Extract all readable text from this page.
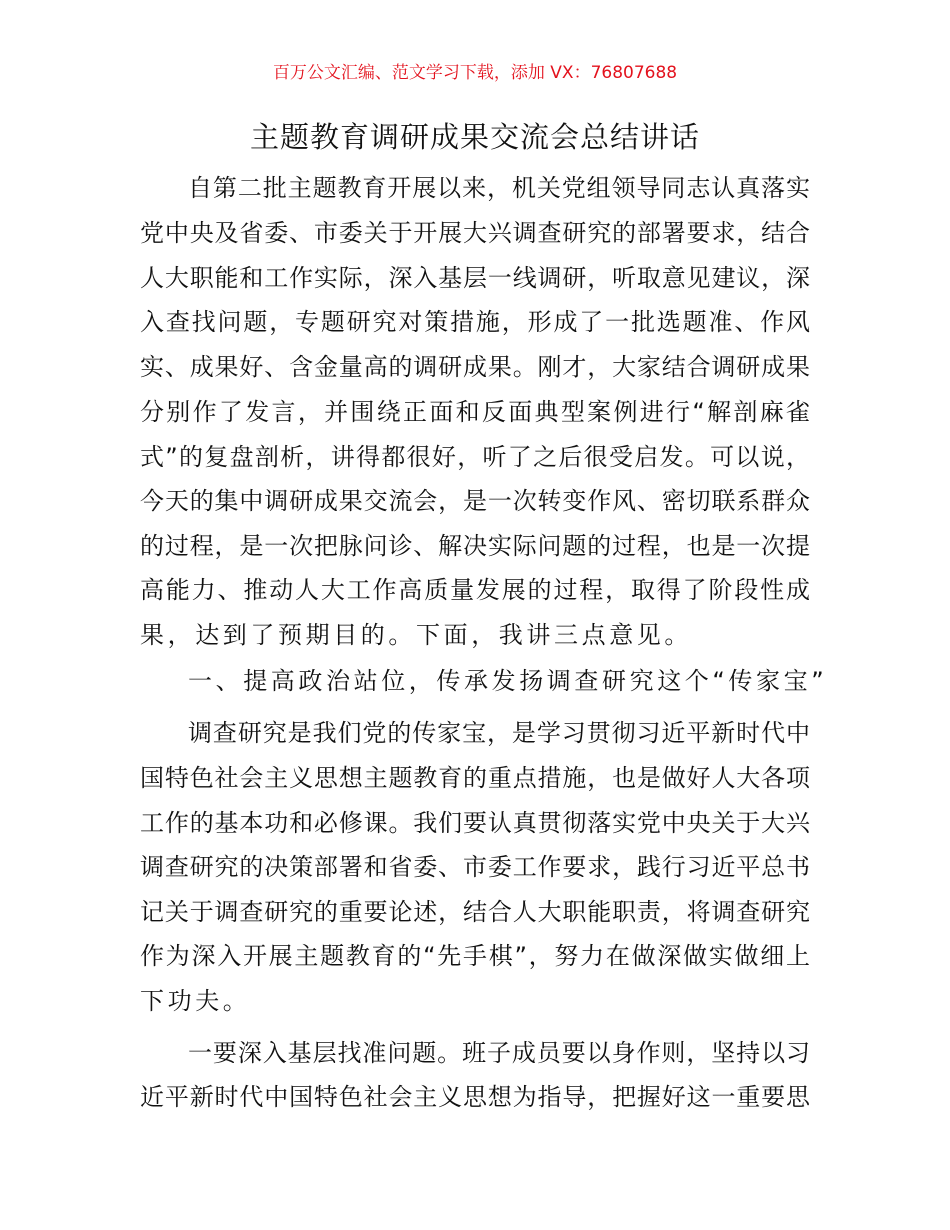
百万公文汇编、范文学习下载，添加 VX：76807688
主题教育调研成果交流会总结讲话
自第二批主题教育开展以来，机关党组领导同志认真落实
党中央及省委、市委关于开展大兴调查研究的部署要求，结合
人大职能和工作实际，深入基层一线调研，听取意见建议，深
入查找问题，专题研究对策措施，形成了一批选题准、作风
实、成果好、含金量高的调研成果。刚才，大家结合调研成果
分别作了发言，并围绕正面和反面典型案例进行“解剖麻雀
式”的复盘剖析，讲得都很好，听了之后很受启发。可以说，
今天的集中调研成果交流会，是一次转变作风、密切联系群众
的过程，是一次把脉问诊、解决实际问题的过程，也是一次提
高能力、推动人大工作高质量发展的过程，取得了阶段性成
果，达到了预期目的。下面，我讲三点意见。
一、提高政治站位，传承发扬调查研究这个“传家宝”
调查研究是我们党的传家宝，是学习贯彻习近平新时代中
国特色社会主义思想主题教育的重点措施，也是做好人大各项
工作的基本功和必修课。我们要认真贯彻落实党中央关于大兴
调查研究的决策部署和省委、市委工作要求，践行习近平总书
记关于调查研究的重要论述，结合人大职能职责，将调查研究
作为深入开展主题教育的“先手棋”，努力在做深做实做细上
下功夫。
一要深入基层找准问题。班子成员要以身作则，坚持以习
近平新时代中国特色社会主义思想为指导，把握好这一重要思
